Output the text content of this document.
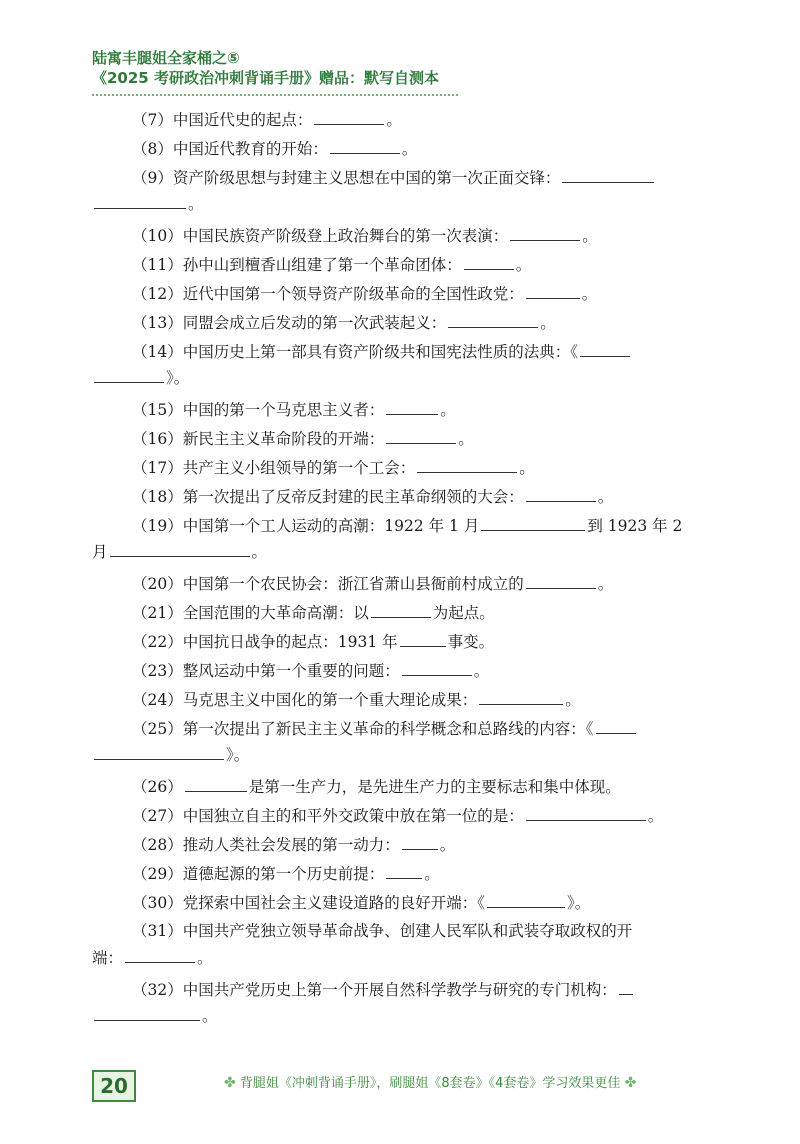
陆寓丰腿姐全家桶之⑤
《2025 考研政治冲刺背诵手册》赠品：默写自测本
（7）中国近代史的起点：	。
（8）中国近代教育的开始：	。
（9）资产阶级思想与封建主义思想在中国的第一次正面交锋：
。
（10）中国民族资产阶级登上政治舞台的第一次表演：	。
（11）孙中山到檀香山组建了第一个革命团体：	。
（12）近代中国第一个领导资产阶级革命的全国性政党：	。
（13）同盟会成立后发动的第一次武装起义：	。
（14）中国历史上第一部具有资产阶级共和国宪法性质的法典：《
》。
（15）中国的第一个马克思主义者：	。
（16）新民主主义革命阶段的开端：	。
（17）共产主义小组领导的第一个工会：	。
（18）第一次提出了反帝反封建的民主革命纲领的大会：	。
（19）中国第一个工人运动的高潮：1922 年 1 月	到 1923 年 2
月	。
（20）中国第一个农民协会：浙江省萧山县衙前村成立的	。
（21）全国范围的大革命高潮：以	为起点。
（22）中国抗日战争的起点：1931 年	事变。
（23）整风运动中第一个重要的问题：	。
（24）马克思主义中国化的第一个重大理论成果：	。
（25）第一次提出了新民主主义革命的科学概念和总路线的内容：《
》。
（26）	是第一生产力，是先进生产力的主要标志和集中体现。
（27）中国独立自主的和平外交政策中放在第一位的是：	。
（28）推动人类社会发展的第一动力：	。
（29）道德起源的第一个历史前提：	。
（30）党探索中国社会主义建设道路的良好开端：《	》。
（31）中国共产党独立领导革命战争、创建人民军队和武装夺取政权的开
端：	。
（32）中国共产党历史上第一个开展自然科学教学与研究的专门机构：
。
20	✤ 背腿姐《冲刺背诵手册》，刷腿姐《8套卷》《4套卷》学习效果更佳 ✤
